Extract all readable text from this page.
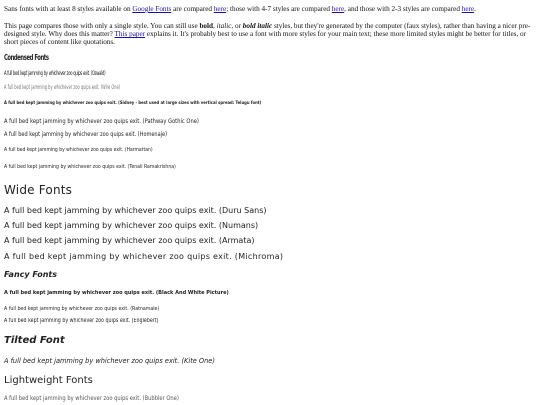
Sans fonts with at least 8 styles available on Google Fonts are compared here; those with 4-7 styles are compared here, and those with 2-3 styles are compared here.

This page compares those with only a single style. You can still use bold, italic, or bold italic styles, but they're generated by the computer (faux styles), rather than having a nicer pre-designed style. Why does this matter? This paper explains it. It's probably best to use a font with more styles for your main text; these more limited styles might be better for titles, or short pieces of content like quotations.

Condensed Fonts
A full bed kept jamming by whichever zoo quips exit. (Oswald)
A full bed kept jamming by whichever zoo quips exit. (Wire One)
A full bed kept jamming by whichever zoo quips exit. (Sidney - best used at large sizes with vertical spread: Telugu font)
A full bed kept jamming by whichever zoo quips exit. (Pathway Gothic One)
A full bed kept jamming by whichever zoo quips exit. (Homenaje)
A full bed kept jamming by whichever zoo quips exit. (Harmattan)
A full bed kept jamming by whichever zoo quips exit. (Tenali Ramakrishna)
Wide Fonts
A full bed kept jamming by whichever zoo quips exit. (Duru Sans)
A full bed kept jamming by whichever zoo quips exit. (Numans)
A full bed kept jamming by whichever zoo quips exit. (Armata)
A full bed kept jamming by whichever zoo quips exit. (Michroma)
Fancy Fonts
A full bed kept jamming by whichever zoo quips exit. (Black And White Picture)
A full bed kept jamming by whichever zoo quips exit. (Ratnamale)
A full bed kept jamming by whichever zoo quips exit. (Englebert)
Tilted Font
A full bed kept jamming by whichever zoo quips exit. (Kite One)
Lightweight Fonts
A full bed kept jamming by whichever zoo quips exit. (Bubbler One)
